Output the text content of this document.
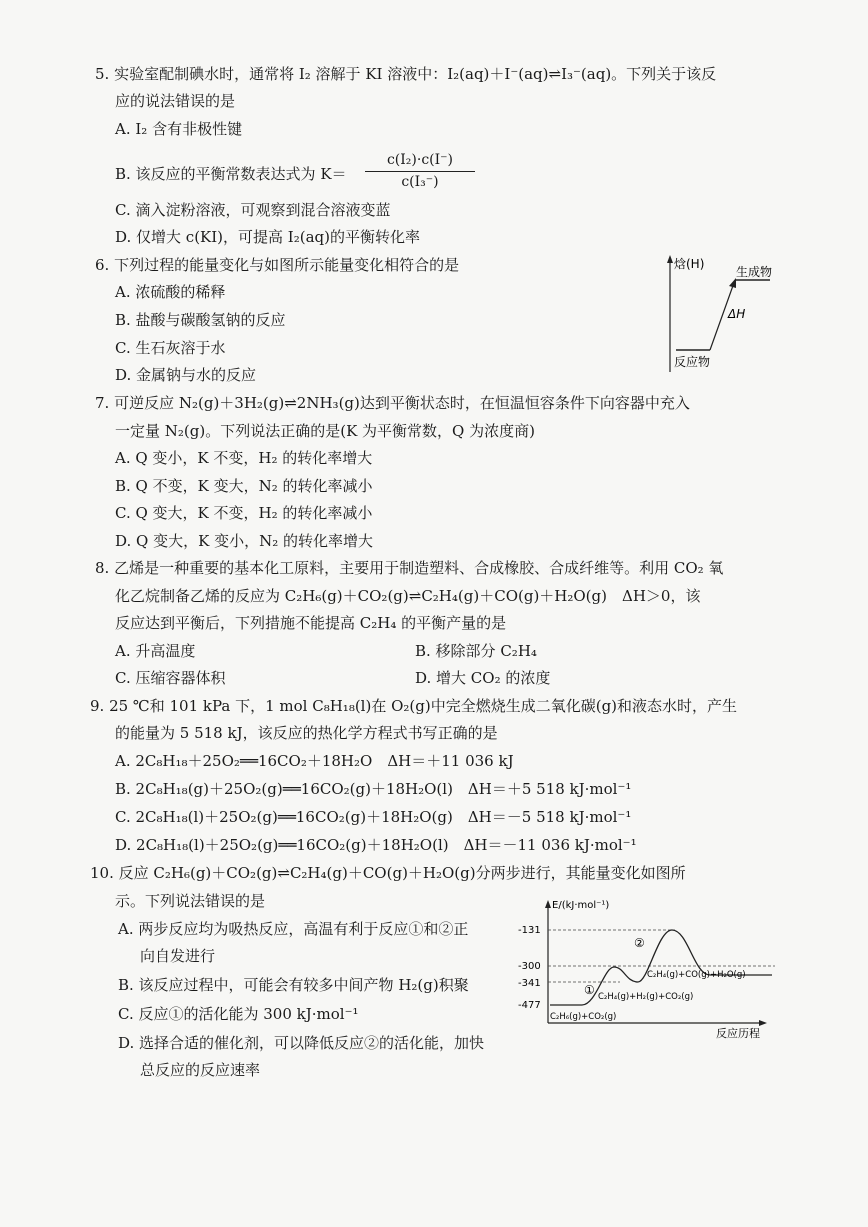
5. 实验室配制碘水时，通常将 I₂ 溶解于 KI 溶液中：I₂(aq)＋I⁻(aq)⇌I₃⁻(aq)。下列关于该反
应的说法错误的是
A. I₂ 含有非极性键
B. 该反应的平衡常数表达式为 $K= \frac{\text{c(I₂)·c(I⁻)}}{\text{c(I₃⁻)}}$
C. 滴入淀粉溶液，可观察到混合溶液变蓝
D. 仅增大 c(KI)，可提高 I₂(aq)的平衡转化率
6. 下列过程的能量变化与如图所示能量变化相符合的是
A. 浓硫酸的稀释
B. 盐酸与碳酸氢钠的反应
C. 生石灰溶于水
D. 金属钠与水的反应
焓(H)
生成物
ΔH
反应物
7. 可逆反应 N₂(g)＋3H₂(g)⇌2NH₃(g)达到平衡状态时，在恒温恒容条件下向容器中充入
一定量 N₂(g)。下列说法正确的是(K 为平衡常数，Q 为浓度商)
A. Q 变小，K 不变，H₂ 的转化率增大
B. Q 不变，K 变大，N₂ 的转化率减小
C. Q 变大，K 不变，H₂ 的转化率减小
D. Q 变大，K 变小，N₂ 的转化率增大
8. 乙烯是一种重要的基本化工原料，主要用于制造塑料、合成橡胶、合成纤维等。利用 CO₂ 氧
化乙烷制备乙烯的反应为 C₂H₆(g)＋CO₂(g)⇌C₂H₄(g)＋CO(g)＋H₂O(g)　ΔH＞0，该
反应达到平衡后，下列措施不能提高 C₂H₄ 的平衡产量的是
A. 升高温度	B. 移除部分 C₂H₄
C. 压缩容器体积	D. 增大 CO₂ 的浓度
9. 25 ℃和 101 kPa 下，1 mol C₈H₁₈(l)在 O₂(g)中完全燃烧生成二氧化碳(g)和液态水时，产生
的能量为 5 518 kJ，该反应的热化学方程式书写正确的是
A. 2C₈H₁₈＋25O₂══16CO₂＋18H₂O　ΔH＝＋11 036 kJ
B. 2C₈H₁₈(g)＋25O₂(g)══16CO₂(g)＋18H₂O(l)　ΔH＝＋5 518 kJ·mol⁻¹
C. 2C₈H₁₈(l)＋25O₂(g)══16CO₂(g)＋18H₂O(g)　ΔH＝－5 518 kJ·mol⁻¹
D. 2C₈H₁₈(l)＋25O₂(g)══16CO₂(g)＋18H₂O(l)　ΔH＝－11 036 kJ·mol⁻¹
10. 反应 C₂H₆(g)＋CO₂(g)⇌C₂H₄(g)＋CO(g)＋H₂O(g)分两步进行，其能量变化如图所
示。下列说法错误的是
A. 两步反应均为吸热反应，高温有利于反应①和②正
向自发进行
B. 该反应过程中，可能会有较多中间产物 H₂(g)积聚
C. 反应①的活化能为 300 kJ·mol⁻¹
D. 选择合适的催化剂，可以降低反应②的活化能，加快
总反应的反应速率
E/(kJ·mol⁻¹)
反应历程
-131
-300
-341
-477
①
②
C₂H₆(g)+CO₂(g)
C₂H₄(g)+H₂(g)+CO₂(g)
C₂H₄(g)+CO(g)+H₂O(g)
